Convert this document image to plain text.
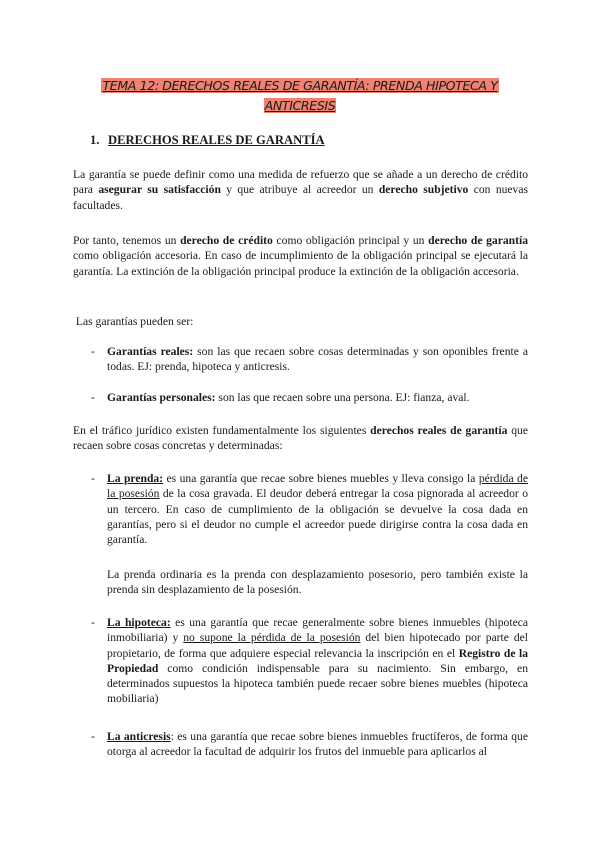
TEMA 12: DERECHOS REALES DE GARANTÍA: PRENDA HIPOTECA Y
ANTICRESIS
1. DERECHOS REALES DE GARANTÍA

La garantía se puede definir como una medida de refuerzo que se añade a un derecho de crédito para asegurar su satisfacción y que atribuye al acreedor un derecho subjetivo con nuevas facultades.

Por tanto, tenemos un derecho de crédito como obligación principal y un derecho de garantía como obligación accesoria. En caso de incumplimiento de la obligación principal se ejecutará la garantía. La extinción de la obligación principal produce la extinción de la obligación accesoria.

Las garantías pueden ser:

- Garantías reales: son las que recaen sobre cosas determinadas y son oponibles frente a todas. EJ: prenda, hipoteca y anticresis.

- Garantías personales: son las que recaen sobre una persona. EJ: fianza, aval.

En el tráfico jurídico existen fundamentalmente los siguientes derechos reales de garantía que recaen sobre cosas concretas y determinadas:

- La prenda: es una garantía que recae sobre bienes muebles y lleva consigo la pérdida de la posesión de la cosa gravada. El deudor deberá entregar la cosa pignorada al acreedor o un tercero. En caso de cumplimiento de la obligación se devuelve la cosa dada en garantías, pero si el deudor no cumple el acreedor puede dirigirse contra la cosa dada en garantía.

La prenda ordinaria es la prenda con desplazamiento posesorio, pero también existe la prenda sin desplazamiento de la posesión.

- La hipoteca: es una garantía que recae generalmente sobre bienes inmuebles (hipoteca inmobiliaria) y no supone la pérdida de la posesión del bien hipotecado por parte del propietario, de forma que adquiere especial relevancia la inscripción en el Registro de la Propiedad como condición indispensable para su nacimiento. Sin embargo, en determinados supuestos la hipoteca también puede recaer sobre bienes muebles (hipoteca mobiliaria)

- La anticresis: es una garantía que recae sobre bienes inmuebles fructíferos, de forma que otorga al acreedor la facultad de adquirir los frutos del inmueble para aplicarlos al
